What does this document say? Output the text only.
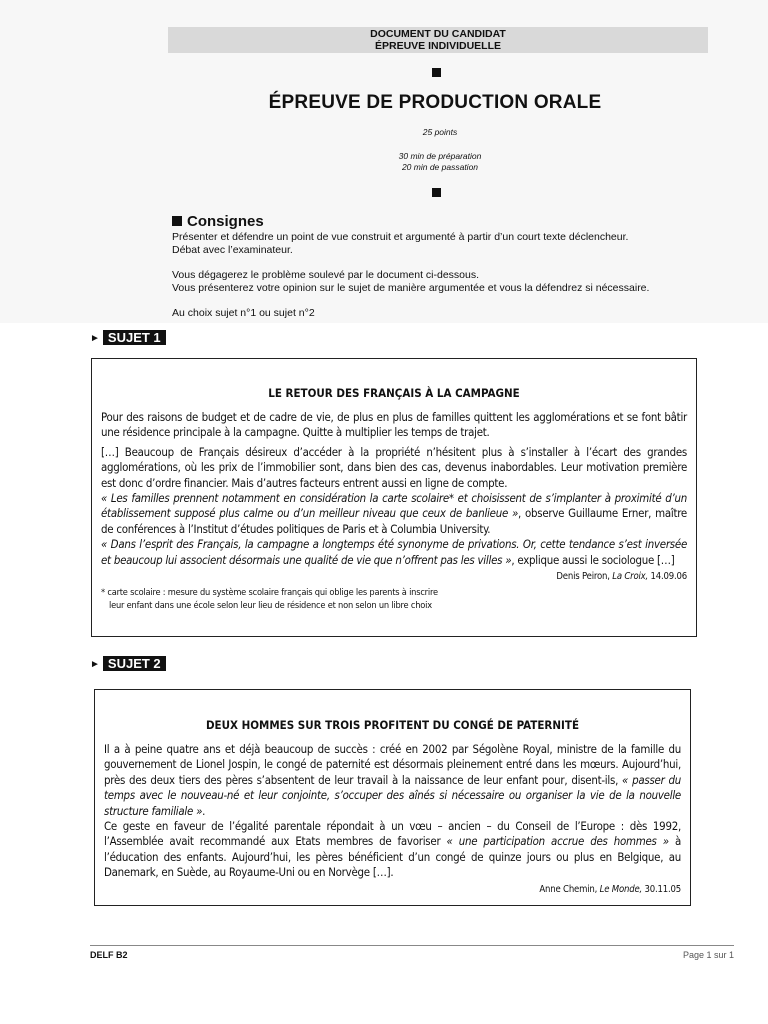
DOCUMENT DU CANDIDAT
ÉPREUVE INDIVIDUELLE
ÉPREUVE DE PRODUCTION ORALE
25 points
30 min de préparation
20 min de passation
Consignes

Présenter et défendre un point de vue construit et argumenté à partir d’un court texte déclencheur.
Débat avec l’examinateur.

Vous dégagerez le problème soulevé par le document ci-dessous.
Vous présenterez votre opinion sur le sujet de manière argumentée et vous la défendrez si nécessaire.

Au choix sujet n°1 ou sujet n°2

► SUJET 1
LE RETOUR DES FRANÇAIS À LA CAMPAGNE

Pour des raisons de budget et de cadre de vie, de plus en plus de familles quittent les agglomérations et se font bâtir une résidence principale à la campagne. Quitte à multiplier les temps de trajet.

[…] Beaucoup de Français désireux d’accéder à la propriété n’hésitent plus à s’installer à l’écart des grandes agglomérations, où les prix de l’immobilier sont, dans bien des cas, devenus inabordables. Leur motivation première est donc d’ordre financier. Mais d’autres facteurs entrent aussi en ligne de compte.
« Les familles prennent notamment en considération la carte scolaire* et choisissent de s’implanter à proximité d’un établissement supposé plus calme ou d’un meilleur niveau que ceux de banlieue », observe Guillaume Erner, maître de conférences à l’Institut d’études politiques de Paris et à Columbia University.
« Dans l’esprit des Français, la campagne a longtemps été synonyme de privations. Or, cette tendance s’est inversée et beaucoup lui associent désormais une qualité de vie que n’offrent pas les villes », explique aussi le sociologue […]

Denis Peiron, La Croix, 14.09.06
* carte scolaire : mesure du système scolaire français qui oblige les parents à inscrire
leur enfant dans une école selon leur lieu de résidence et non selon un libre choix
► SUJET 2
DEUX HOMMES SUR TROIS PROFITENT DU CONGÉ DE PATERNITÉ

Il a à peine quatre ans et déjà beaucoup de succès : créé en 2002 par Ségolène Royal, ministre de la famille du gouvernement de Lionel Jospin, le congé de paternité est désormais pleinement entré dans les mœurs. Aujourd’hui, près des deux tiers des pères s’absentent de leur travail à la naissance de leur enfant pour, disent-ils, « passer du temps avec le nouveau-né et leur conjointe, s’occuper des aînés si nécessaire ou organiser la vie de la nouvelle structure familiale ».
Ce geste en faveur de l’égalité parentale répondait à un vœu – ancien – du Conseil de l’Europe : dès 1992, l’Assemblée avait recommandé aux Etats membres de favoriser « une participation accrue des hommes » à l’éducation des enfants. Aujourd’hui, les pères bénéficient d’un congé de quinze jours ou plus en Belgique, au Danemark, en Suède, au Royaume-Uni ou en Norvège […].

Anne Chemin, Le Monde, 30.11.05
DELF B2	Page 1 sur 1
